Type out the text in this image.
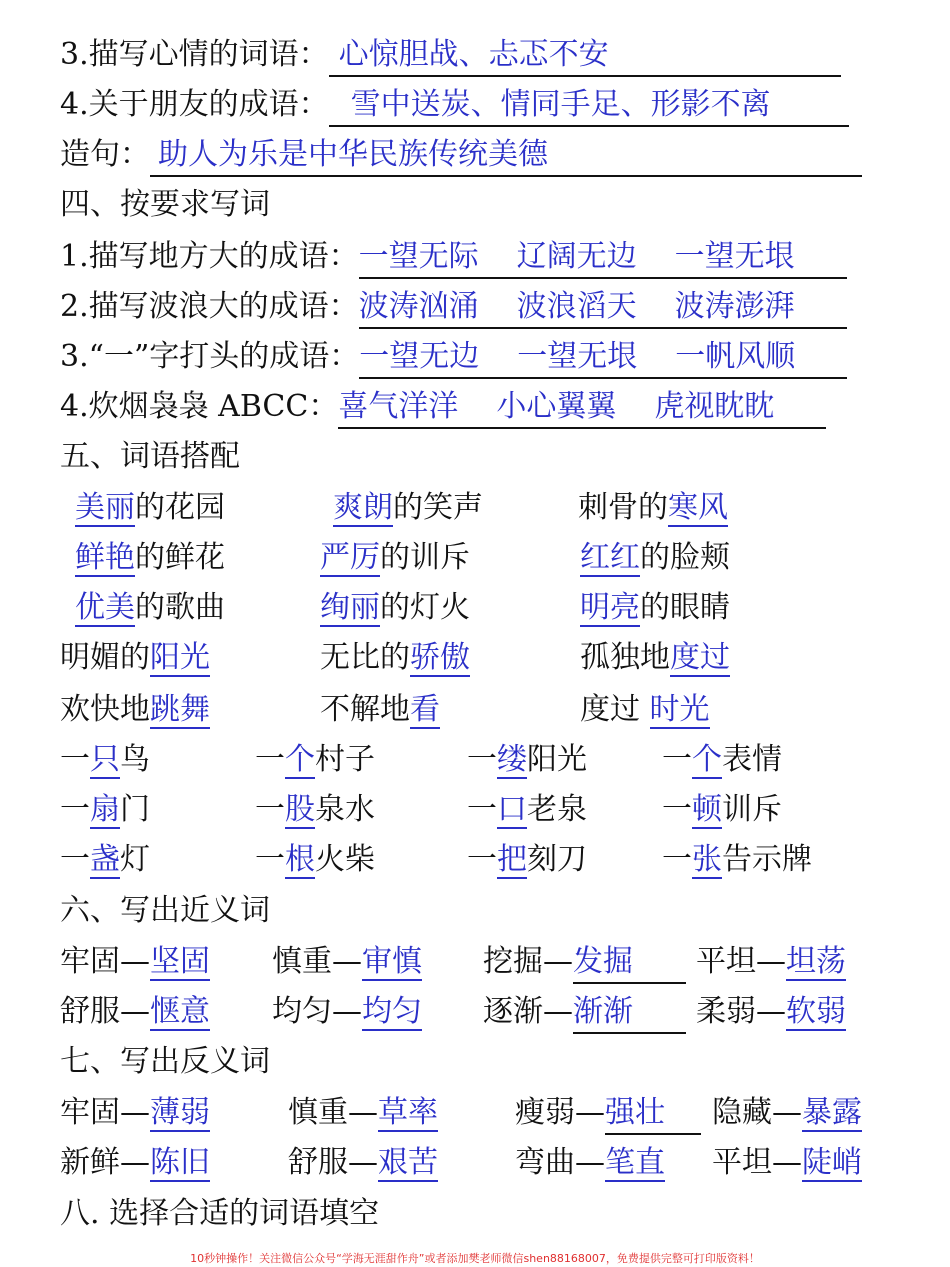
3.描写心情的词语： 心惊胆战、忐忑不安
4.关于朋友的成语： 雪中送炭、情同手足、形影不离
造句： 助人为乐是中华民族传统美德
四、按要求写词
1.描写地方大的成语：一望无际 辽阔无边 一望无垠
2.描写波浪大的成语：波涛汹涌 波浪滔天 波涛澎湃
3.“一”字打头的成语：一望无边 一望无垠 一帆风顺
4.炊烟袅袅 ABCC：喜气洋洋 小心翼翼 虎视眈眈
五、词语搭配
美丽的花园	爽朗的笑声	刺骨的寒风
鲜艳的鲜花	严厉的训斥	红红的脸颊
优美的歌曲	绚丽的灯火	明亮的眼睛
明媚的阳光	无比的骄傲	孤独地度过
欢快地跳舞	不解地看	度过 时光
一只鸟	一个村子	一缕阳光	一个表情
一扇门	一股泉水	一口老泉	一顿训斥
一盏灯	一根火柴	一把刻刀	一张告示牌
六、写出近义词
牢固—坚固 慎重—审慎 挖掘—发掘	平坦—坦荡
舒服—惬意 均匀—均匀 逐渐—渐渐	柔弱—软弱
七、写出反义词
牢固—薄弱	慎重—草率	瘦弱—强壮	隐藏—暴露
新鲜—陈旧	舒服—艰苦	弯曲—笔直 平坦—陡峭
八. 选择合适的词语填空
10秒钟操作！关注微信公众号“学海无涯甜作舟”或者添加樊老师微信shen88168007，免费提供完整可打印版资料！
